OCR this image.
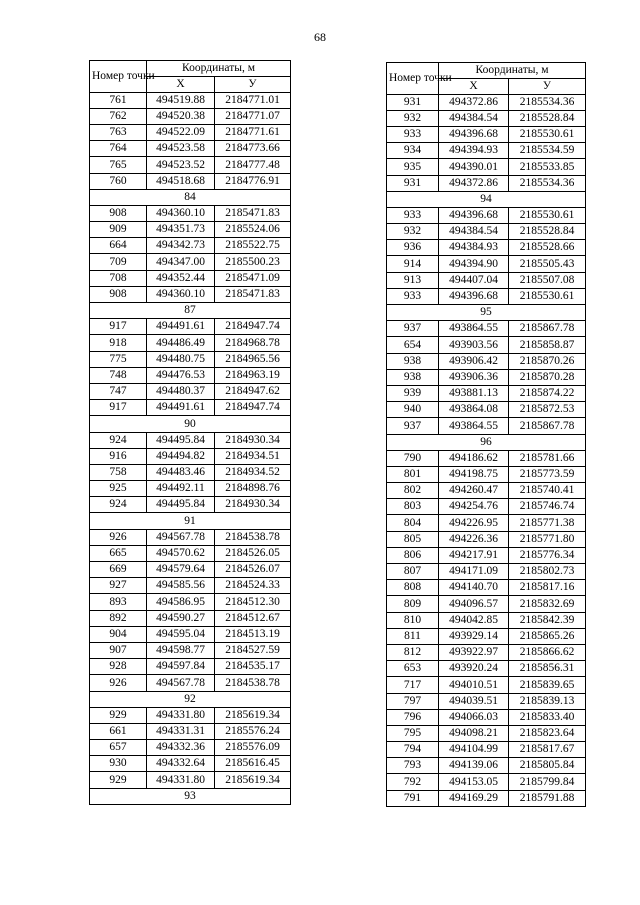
68
Номер точки	Координаты, м	
	X	У
761	494519.88	2184771.01
762	494520.38	2184771.07
763	494522.09	2184771.61
764	494523.58	2184773.66
765	494523.52	2184777.48
760	494518.68	2184776.91
84		
908	494360.10	2185471.83
909	494351.73	2185524.06
664	494342.73	2185522.75
709	494347.00	2185500.23
708	494352.44	2185471.09
908	494360.10	2185471.83
87		
917	494491.61	2184947.74
918	494486.49	2184968.78
775	494480.75	2184965.56
748	494476.53	2184963.19
747	494480.37	2184947.62
917	494491.61	2184947.74
90		
924	494495.84	2184930.34
916	494494.82	2184934.51
758	494483.46	2184934.52
925	494492.11	2184898.76
924	494495.84	2184930.34
91		
926	494567.78	2184538.78
665	494570.62	2184526.05
669	494579.64	2184526.07
927	494585.56	2184524.33
893	494586.95	2184512.30
892	494590.27	2184512.67
904	494595.04	2184513.19
907	494598.77	2184527.59
928	494597.84	2184535.17
926	494567.78	2184538.78
92		
929	494331.80	2185619.34
661	494331.31	2185576.24
657	494332.36	2185576.09
930	494332.64	2185616.45
929	494331.80	2185619.34
93		
Номер точки	Координаты, м	
	X	У
931	494372.86	2185534.36
932	494384.54	2185528.84
933	494396.68	2185530.61
934	494394.93	2185534.59
935	494390.01	2185533.85
931	494372.86	2185534.36
94		
933	494396.68	2185530.61
932	494384.54	2185528.84
936	494384.93	2185528.66
914	494394.90	2185505.43
913	494407.04	2185507.08
933	494396.68	2185530.61
95		
937	493864.55	2185867.78
654	493903.56	2185858.87
938	493906.42	2185870.26
938	493906.36	2185870.28
939	493881.13	2185874.22
940	493864.08	2185872.53
937	493864.55	2185867.78
96		
790	494186.62	2185781.66
801	494198.75	2185773.59
802	494260.47	2185740.41
803	494254.76	2185746.74
804	494226.95	2185771.38
805	494226.36	2185771.80
806	494217.91	2185776.34
807	494171.09	2185802.73
808	494140.70	2185817.16
809	494096.57	2185832.69
810	494042.85	2185842.39
811	493929.14	2185865.26
812	493922.97	2185866.62
653	493920.24	2185856.31
717	494010.51	2185839.65
797	494039.51	2185839.13
796	494066.03	2185833.40
795	494098.21	2185823.64
794	494104.99	2185817.67
793	494139.06	2185805.84
792	494153.05	2185799.84
791	494169.29	2185791.88
